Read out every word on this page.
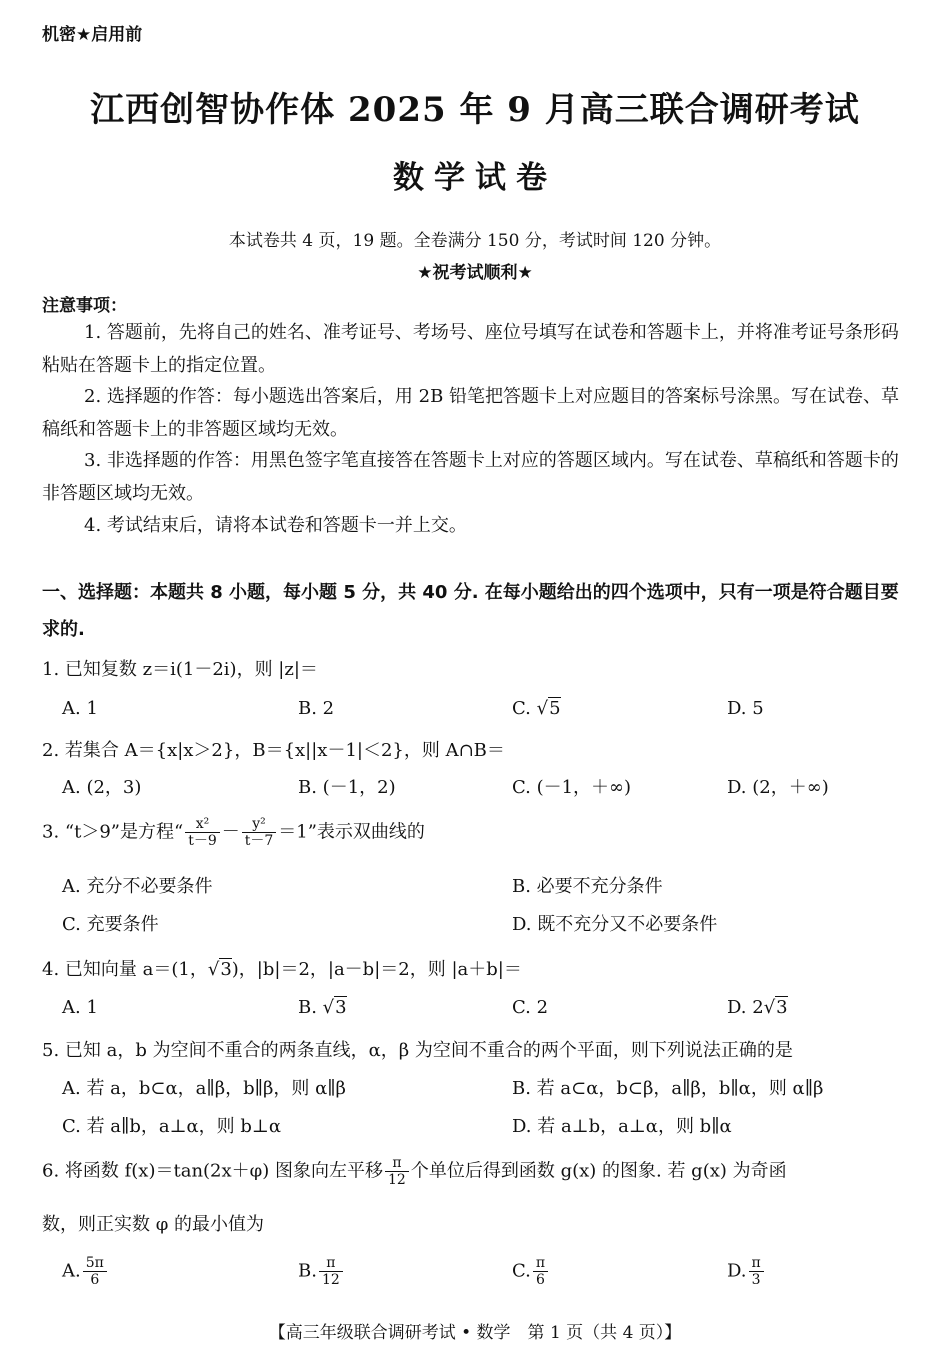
机密★启用前
江西创智协作体 2025 年 9 月高三联合调研考试
数学试卷
本试卷共 4 页，19 题。全卷满分 150 分，考试时间 120 分钟。
★祝考试顺利★
注意事项：
1. 答题前，先将自己的姓名、准考证号、考场号、座位号填写在试卷和答题卡上，并将准考证号条形码粘贴在答题卡上的指定位置。
2. 选择题的作答：每小题选出答案后，用 2B 铅笔把答题卡上对应题目的答案标号涂黑。写在试卷、草稿纸和答题卡上的非答题区域均无效。
3. 非选择题的作答：用黑色签字笔直接答在答题卡上对应的答题区域内。写在试卷、草稿纸和答题卡的非答题区域均无效。
4. 考试结束后，请将本试卷和答题卡一并上交。
一、选择题：本题共 8 小题，每小题 5 分，共 40 分. 在每小题给出的四个选项中，只有一项是符合题目要求的.
1. 已知复数 z＝i(1－2i)，则 |z|＝
A. 1	B. 2	C. √5	D. 5
2. 若集合 A＝{x|x＞2}，B＝{x||x－1|＜2}，则 A∩B＝
A. (2，3)	B. (－1，2)	C. (－1，＋∞)	D. (2，＋∞)
3. “t＞9”是方程“ $\frac{\text{x²}}{t-9} - \frac{\text{y²}}{t-7} =1$”表示双曲线的
A. 充分不必要条件	B. 必要不充分条件
C. 充要条件	D. 既不充分又不必要条件
4. 已知向量 a＝(1，√3)，|b|＝2，|a－b|＝2，则 |a＋b|＝
A. 1	B. √3	C. 2	D. 2√3
5. 已知 a，b 为空间不重合的两条直线，α，β 为空间不重合的两个平面，则下列说法正确的是
A. 若 a，b⊂α，a∥β，b∥β，则 α∥β	B. 若 a⊂α，b⊂β，a∥β，b∥α，则 α∥β
C. 若 a∥b，a⊥α，则 b⊥α	D. 若 a⊥b，a⊥α，则 b∥α
6. 将函数 f(x)＝tan(2x＋φ) 图象向左平移 $\frac{\pi}{12}$ 个单位后得到函数 g(x) 的图象. 若 g(x) 为奇函
数，则正实数 φ 的最小值为
A. $\frac{5\pi}{6}$	B. $\frac{\pi}{12}$	C. $\frac{\pi}{6}$	D. $\frac{\pi}{3}$
【高三年级联合调研考试 • 数学　第 1 页（共 4 页）】
